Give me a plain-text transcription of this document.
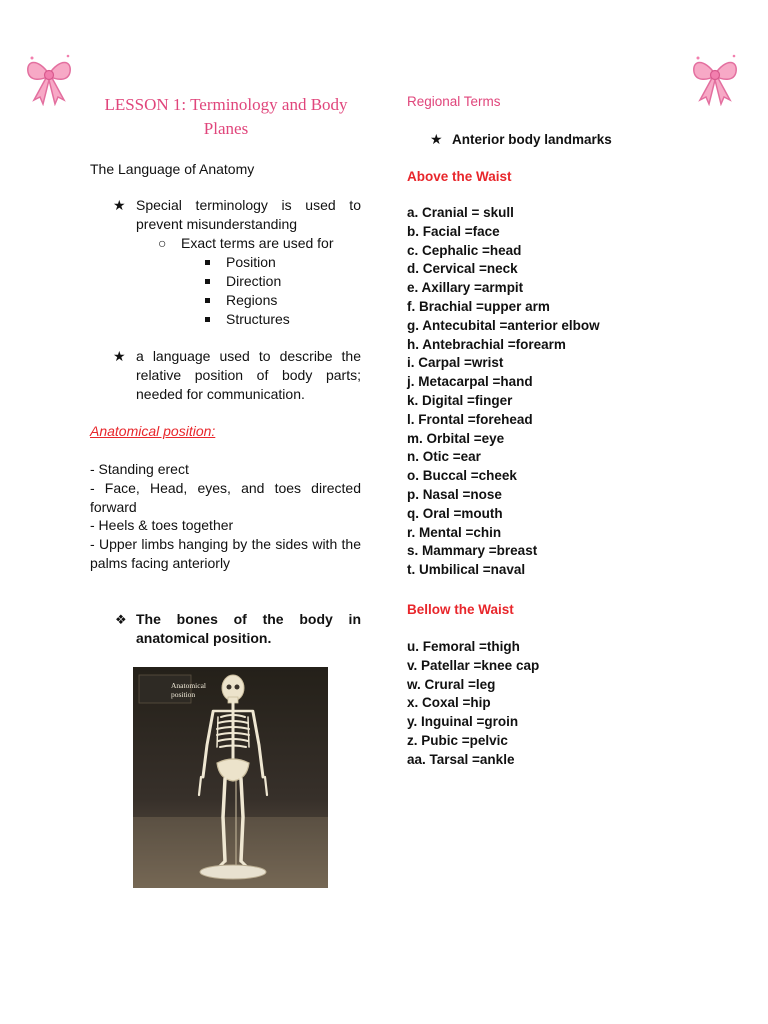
LESSON 1: Terminology and Body Planes
The Language of Anatomy
★ Special terminology is used to prevent misunderstanding
○ Exact terms are used for
Position
Direction
Regions
Structures
★ a language used to describe the relative position of body parts; needed for communication.
Anatomical position:
- Standing erect
- Face, Head, eyes, and toes directed forward
- Heels & toes together
- Upper limbs hanging by the sides with the palms facing anteriorly
❖ The bones of the body in anatomical position.
Anatomical position
Regional Terms
★ Anterior body landmarks
Above the Waist
a. Cranial = skull
b. Facial =face
c. Cephalic =head
d. Cervical =neck
e. Axillary =armpit
f. Brachial =upper arm
g. Antecubital =anterior elbow
h. Antebrachial =forearm
i. Carpal =wrist
j. Metacarpal =hand
k. Digital =finger
l. Frontal =forehead
m. Orbital =eye
n. Otic =ear
o. Buccal =cheek
p. Nasal =nose
q. Oral =mouth
r. Mental =chin
s. Mammary =breast
t. Umbilical =naval
Bellow the Waist
u. Femoral =thigh
v. Patellar =knee cap
w. Crural =leg
x. Coxal =hip
y. Inguinal =groin
z. Pubic =pelvic
aa. Tarsal =ankle
